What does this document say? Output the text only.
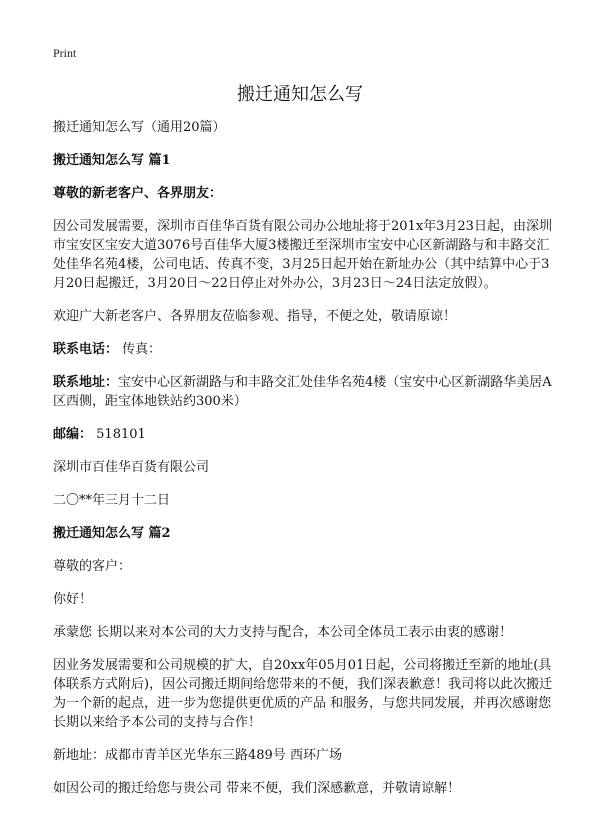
Print
搬迁通知怎么写

搬迁通知怎么写（通用20篇）

搬迁通知怎么写 篇1

尊敬的新老客户、各界朋友：

因公司发展需要，深圳市百佳华百货有限公司办公地址将于201x年3月23日起，由深圳市宝安区宝安大道3076号百佳华大厦3楼搬迁至深圳市宝安中心区新湖路与和丰路交汇处佳华名苑4楼，公司电话、传真不变，3月25日起开始在新址办公（其中结算中心于3月20日起搬迁，3月20日～22日停止对外办公，3月23日～24日法定放假）。

欢迎广大新老客户、各界朋友莅临参观、指导，不便之处，敬请原谅！

联系电话： 传真：

联系地址：宝安中心区新湖路与和丰路交汇处佳华名苑4楼（宝安中心区新湖路华美居A区西侧，距宝体地铁站约300米）

邮编： 518101

深圳市百佳华百货有限公司

二〇**年三月十二日

搬迁通知怎么写 篇2

尊敬的客户：

你好！

承蒙您 长期以来对本公司的大力支持与配合，本公司全体员工表示由衷的感谢！

因业务发展需要和公司规模的扩大，自20xx年05月01日起，公司将搬迁至新的地址(具体联系方式附后)，因公司搬迁期间给您带来的不便，我们深表歉意！我司将以此次搬迁为一个新的起点，进一步为您提供更优质的产品 和服务，与您共同发展，并再次感谢您长期以来给予本公司的支持与合作！

新地址：成都市青羊区光华东三路489号 西环广场

如因公司的搬迁给您与贵公司 带来不便，我们深感歉意，并敬请谅解！
